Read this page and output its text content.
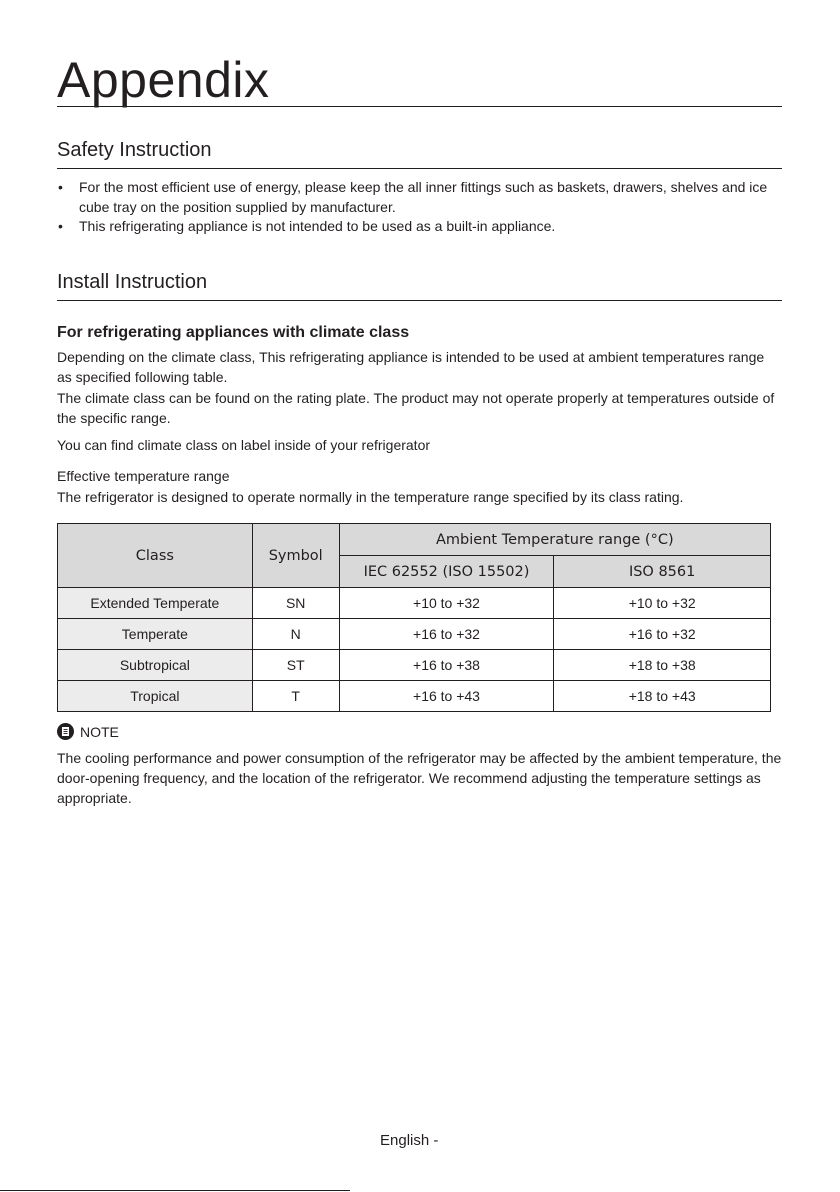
Appendix
Safety Instruction
• For the most efficient use of energy, please keep the all inner fittings such as baskets, drawers, shelves and ice cube tray on the position supplied by manufacturer.
• This refrigerating appliance is not intended to be used as a built-in appliance.
Install Instruction
For refrigerating appliances with climate class

Depending on the climate class, This refrigerating appliance is intended to be used at ambient temperatures range as specified following table.

The climate class can be found on the rating plate. The product may not operate properly at temperatures outside of the specific range.

You can find climate class on label inside of your refrigerator

Effective temperature range

The refrigerator is designed to operate normally in the temperature range specified by its class rating.

Class	Symbol	Ambient Temperature range (°C)	
		IEC 62552 (ISO 15502)	ISO 8561
Extended Temperate	SN	+10 to +32	+10 to +32
Temperate	N	+16 to +32	+16 to +32
Subtropical	ST	+16 to +38	+18 to +38
Tropical	T	+16 to +43	+18 to +43
NOTE

The cooling performance and power consumption of the refrigerator may be affected by the ambient temperature, the door-opening frequency, and the location of the refrigerator. We recommend adjusting the temperature settings as appropriate.

English -
